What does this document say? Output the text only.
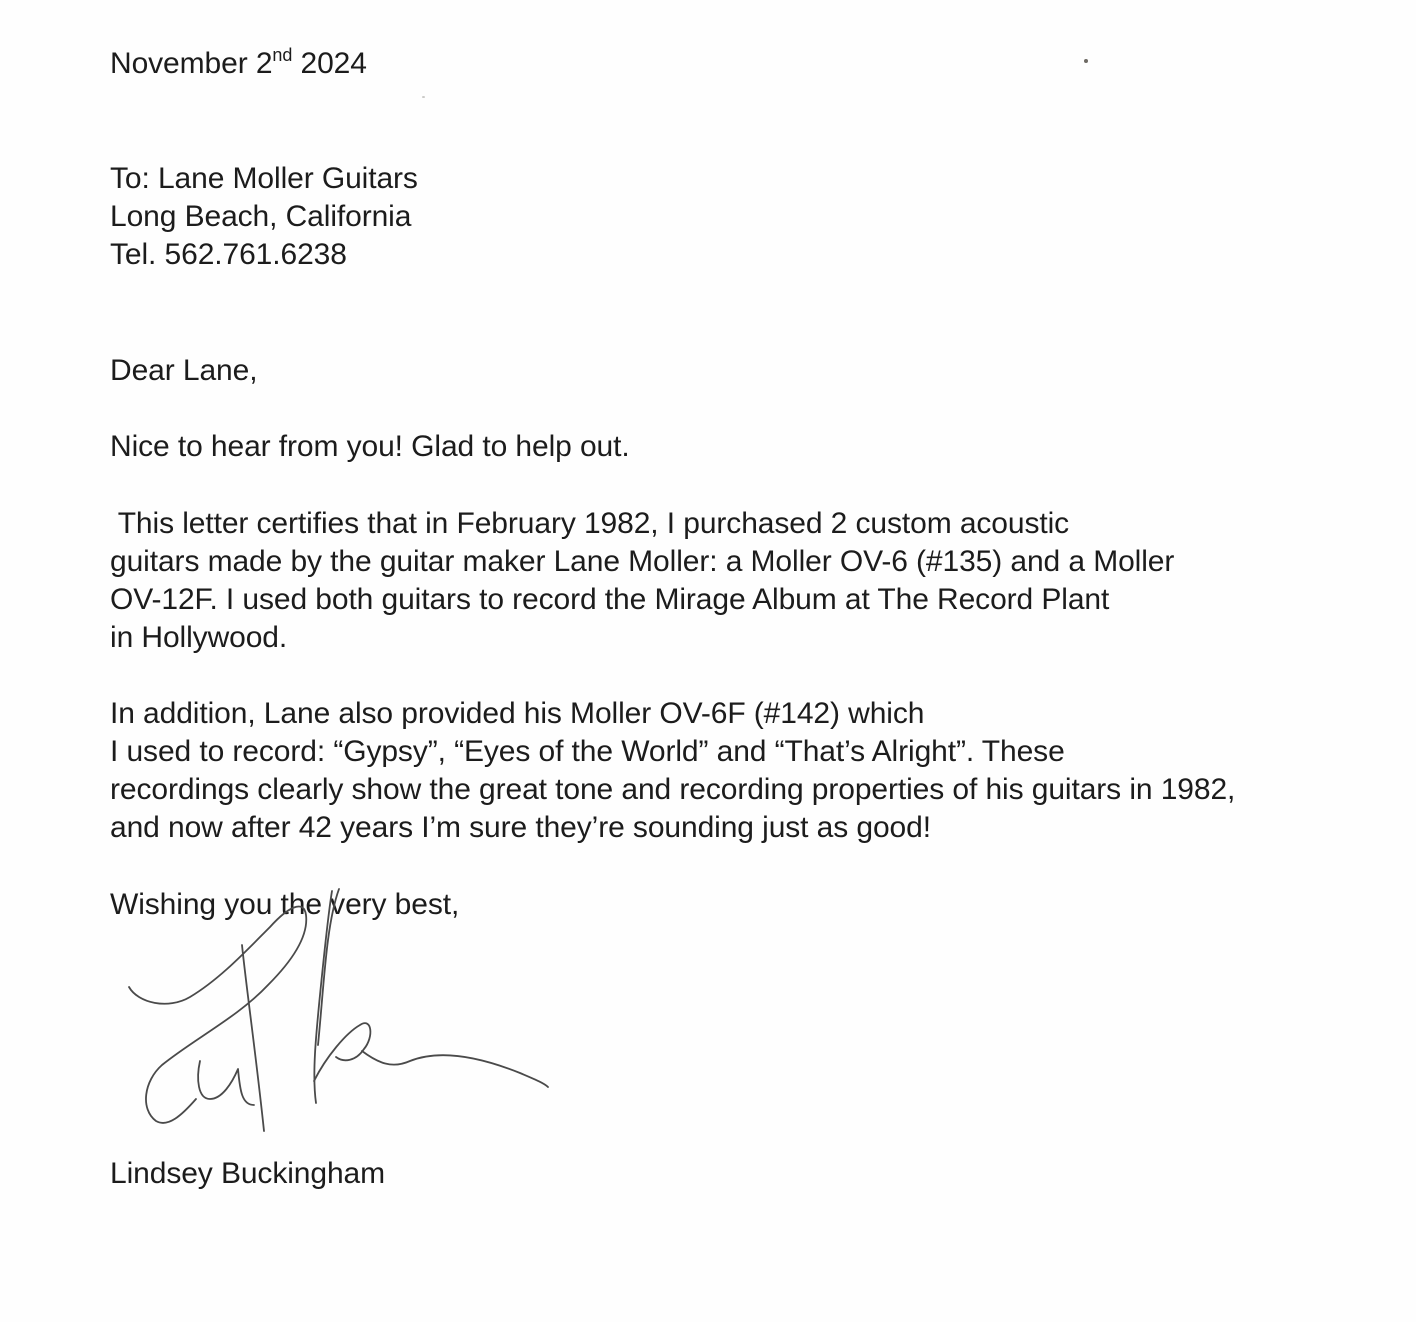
November 2nd 2024
To: Lane Moller Guitars
Long Beach, California
Tel. 562.761.6238
Dear Lane,
Nice to hear from you! Glad to help out.
This letter certifies that in February 1982, I purchased 2 custom acoustic
guitars made by the guitar maker Lane Moller: a Moller OV-6 (#135) and a Moller
OV-12F. I used both guitars to record the Mirage Album at The Record Plant
in Hollywood.
In addition, Lane also provided his Moller OV-6F (#142) which
I used to record: “Gypsy”, “Eyes of the World” and “That’s Alright”. These
recordings clearly show the great tone and recording properties of his guitars in 1982,
and now after 42 years I’m sure they’re sounding just as good!
Wishing you the very best,
Lindsey Buckingham
